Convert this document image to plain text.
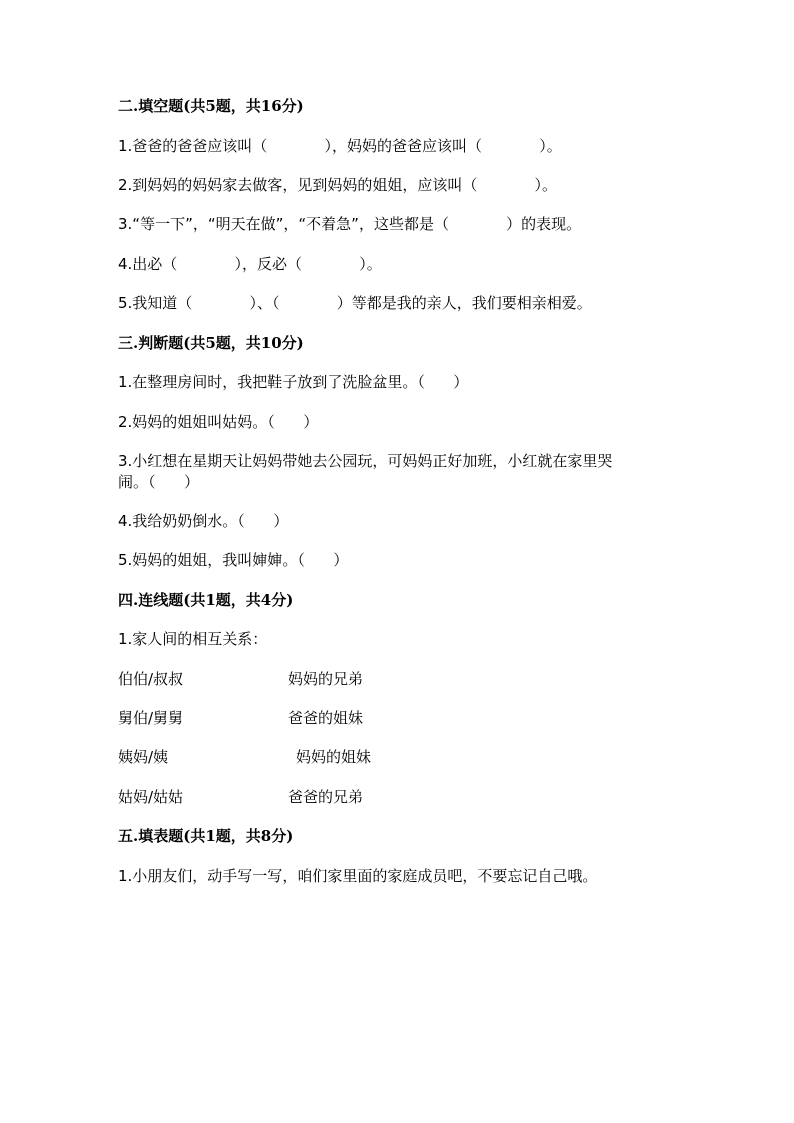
二.填空题(共5题，共16分)
1.爸爸的爸爸应该叫（            ），妈妈的爸爸应该叫（            ）。
2.到妈妈的妈妈家去做客，见到妈妈的姐姐，应该叫（            ）。
3.“等一下”，“明天在做”，“不着急”，这些都是（            ）的表现。
4.出必（            ），反必（            ）。
5.我知道（            ）、（            ）等都是我的亲人，我们要相亲相爱。
三.判断题(共5题，共10分)
1.在整理房间时，我把鞋子放到了洗脸盆里。（      ）
2.妈妈的姐姐叫姑妈。（      ）
3.小红想在星期天让妈妈带她去公园玩，可妈妈正好加班，小红就在家里哭
闹。（      ）
4.我给奶奶倒水。（      ）
5.妈妈的姐姐，我叫婶婶。（      ）
四.连线题(共1题，共4分)
1.家人间的相互关系：
伯伯/叔叔	妈妈的兄弟
舅伯/舅舅	爸爸的姐妹
姨妈/姨	妈妈的姐妹
姑妈/姑姑	爸爸的兄弟
五.填表题(共1题，共8分)
1.小朋友们，动手写一写，咱们家里面的家庭成员吧，不要忘记自己哦。
